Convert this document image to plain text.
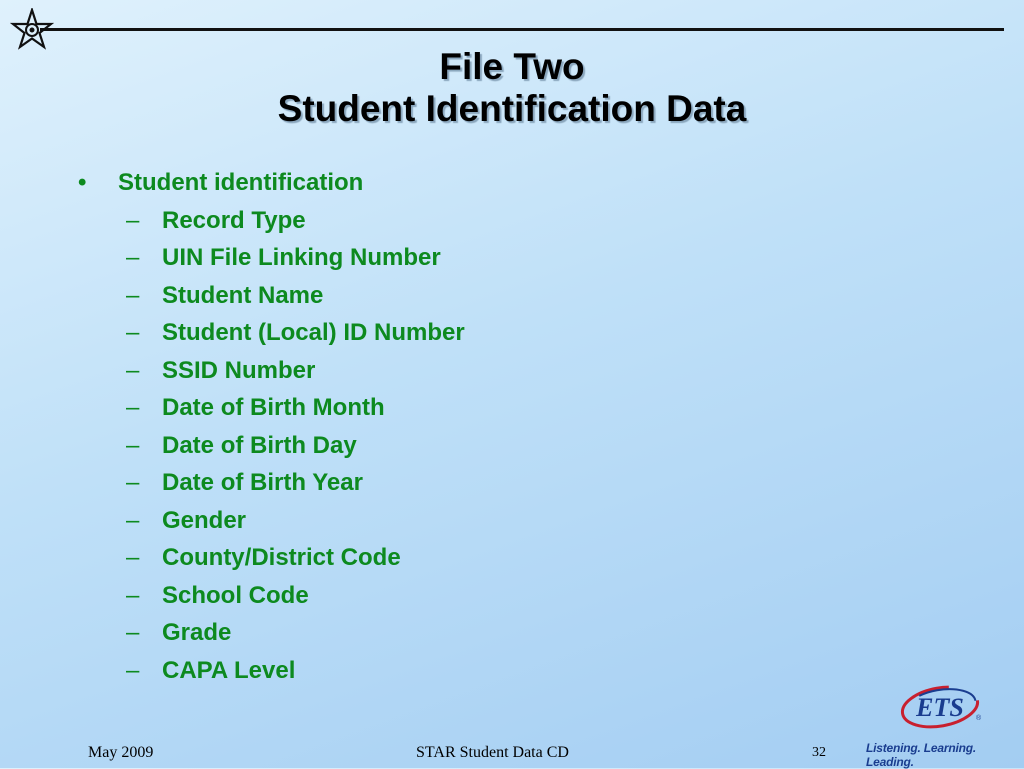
File Two
Student Identification Data
•	Student identification
– Record Type
– UIN File Linking Number
– Student Name
– Student (Local) ID Number
– SSID Number
– Date of Birth Month
– Date of Birth Day
– Date of Birth Year
– Gender
– County/District Code
– School Code
– Grade
– CAPA Level
May 2009	STAR Student Data CD	32
ETS ®
Listening. Learning. Leading.
